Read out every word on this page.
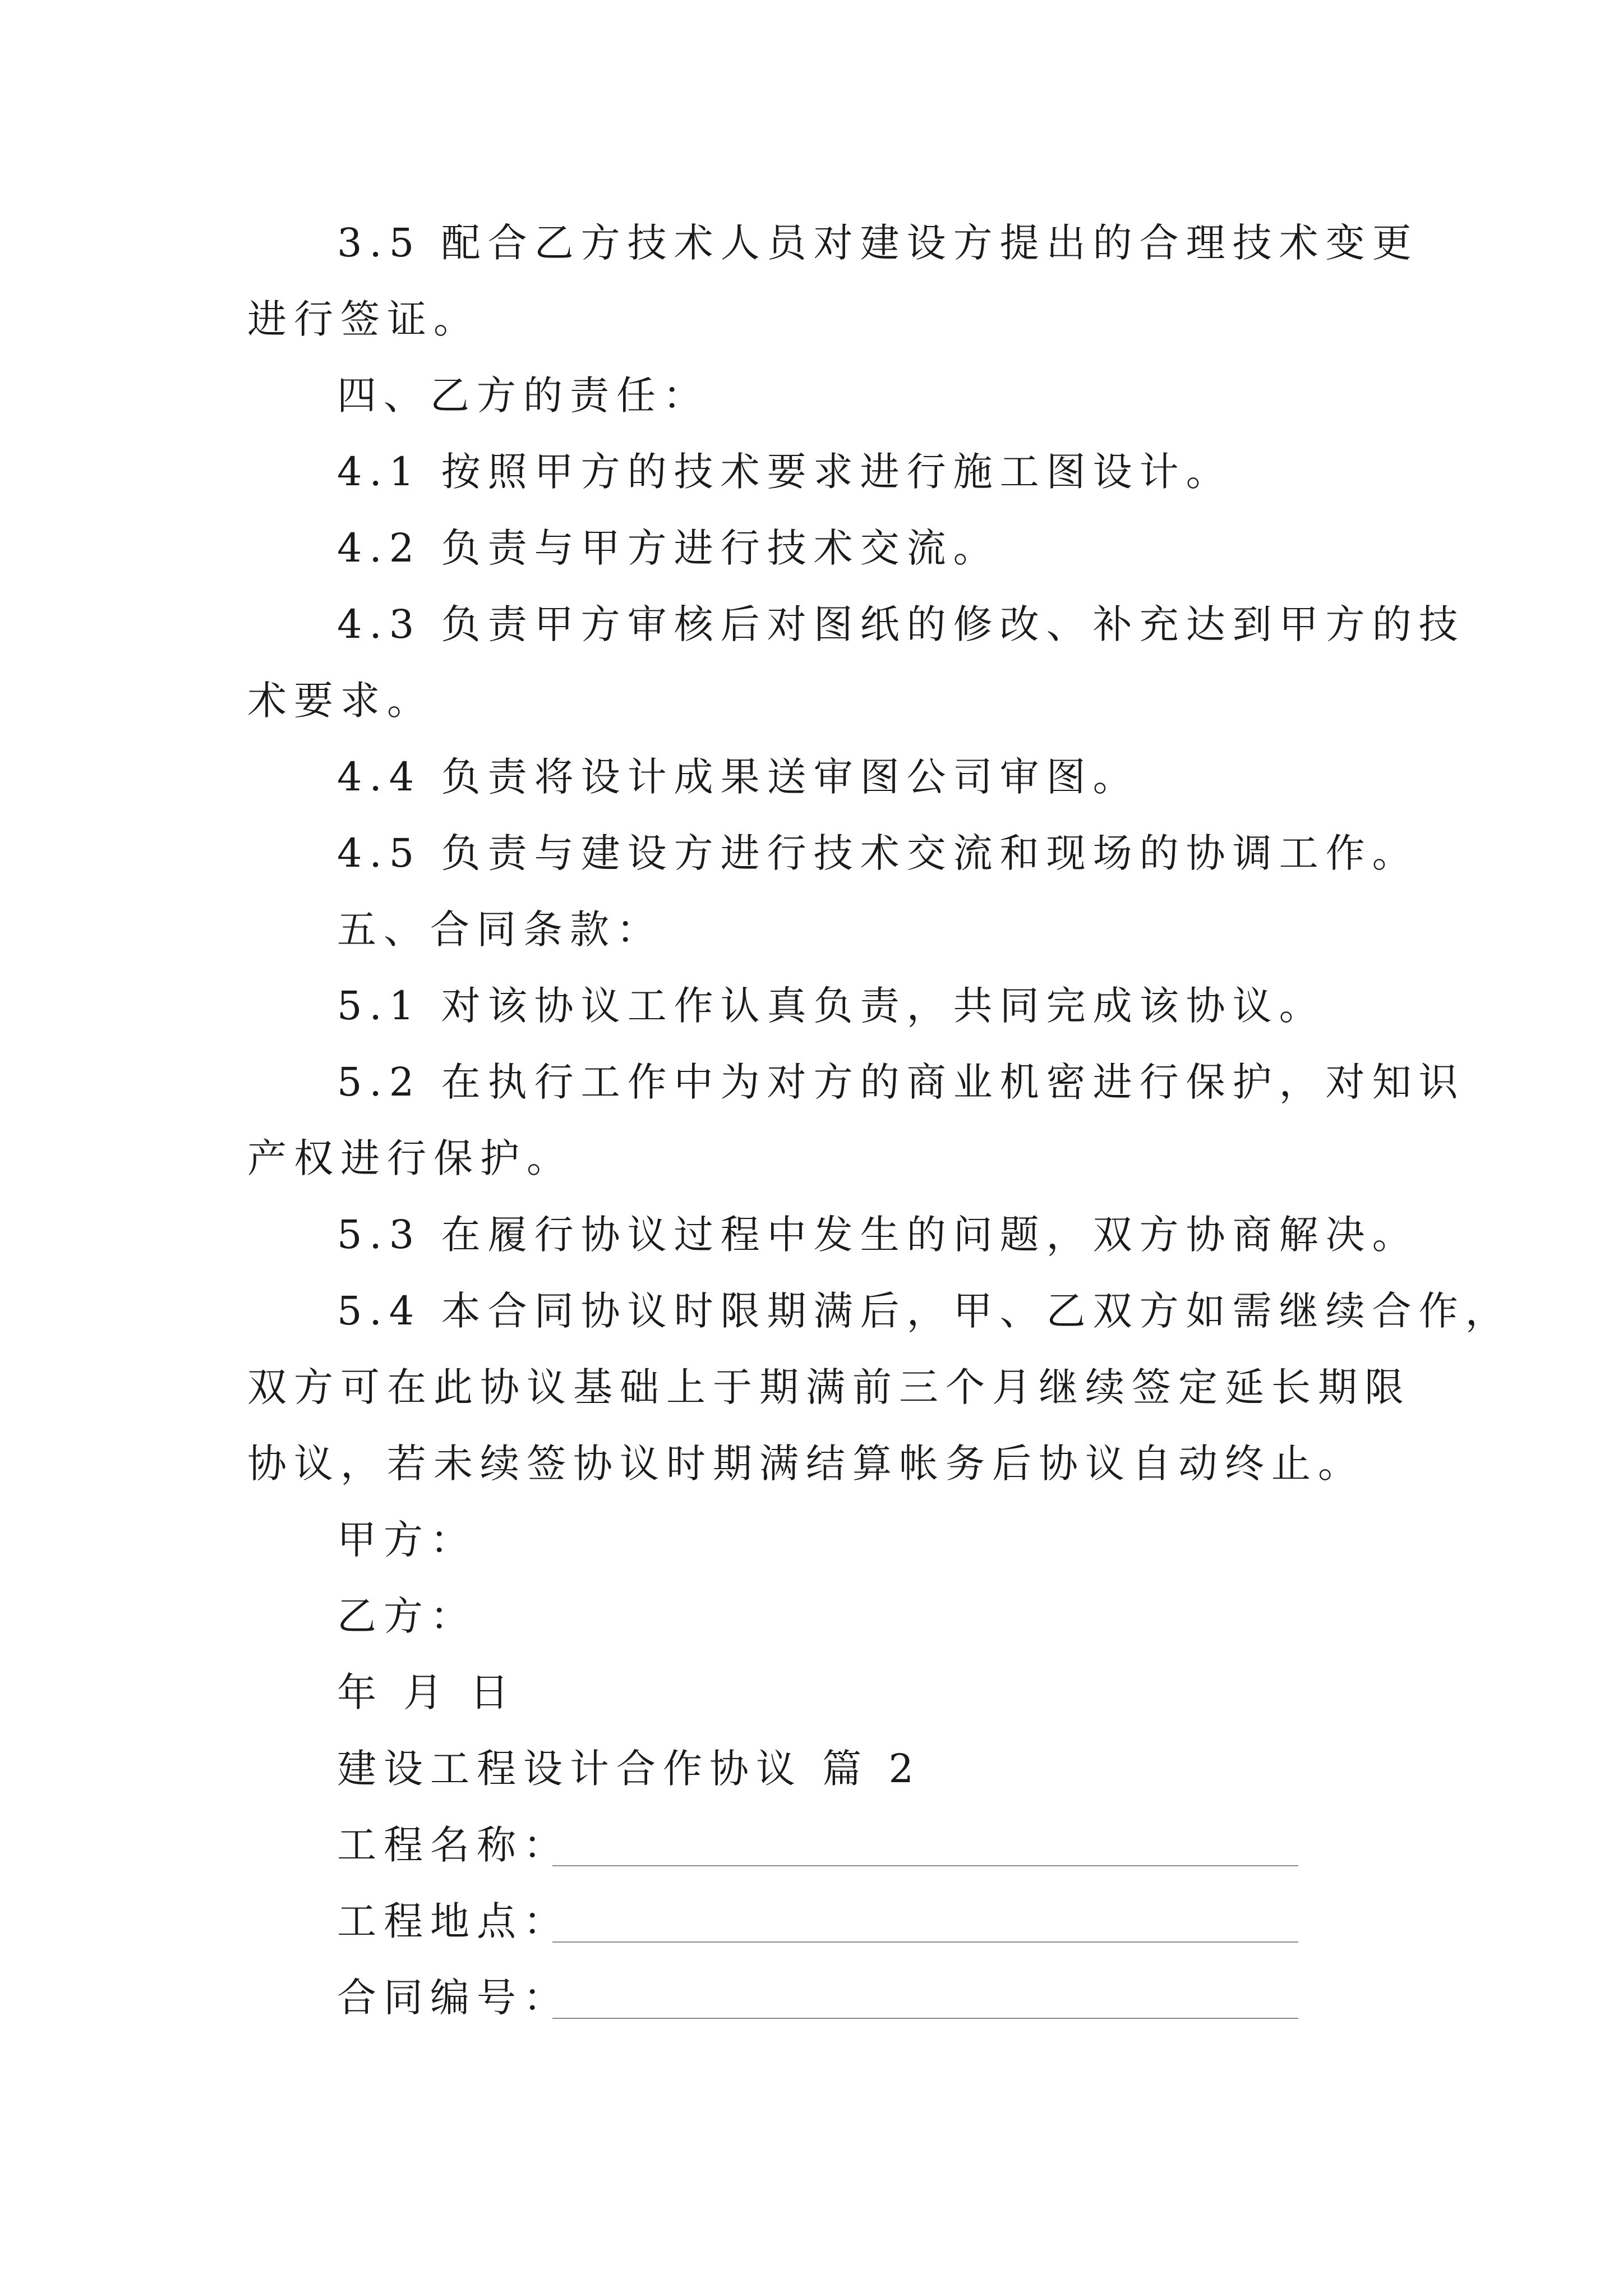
3.5 配合乙方技术人员对建设方提出的合理技术变更
进行签证。
四、乙方的责任：
4.1 按照甲方的技术要求进行施工图设计。
4.2 负责与甲方进行技术交流。
4.3 负责甲方审核后对图纸的修改、补充达到甲方的技
术要求。
4.4 负责将设计成果送审图公司审图。
4.5 负责与建设方进行技术交流和现场的协调工作。
五、合同条款：
5.1 对该协议工作认真负责，共同完成该协议。
5.2 在执行工作中为对方的商业机密进行保护，对知识
产权进行保护。
5.3 在履行协议过程中发生的问题，双方协商解决。
5.4 本合同协议时限期满后，甲、乙双方如需继续合作，
双方可在此协议基础上于期满前三个月继续签定延长期限
协议，若未续签协议时期满结算帐务后协议自动终止。
甲方：
乙方：
年 月 日
建设工程设计合作协议 篇 2
工程名称：
工程地点：
合同编号：
